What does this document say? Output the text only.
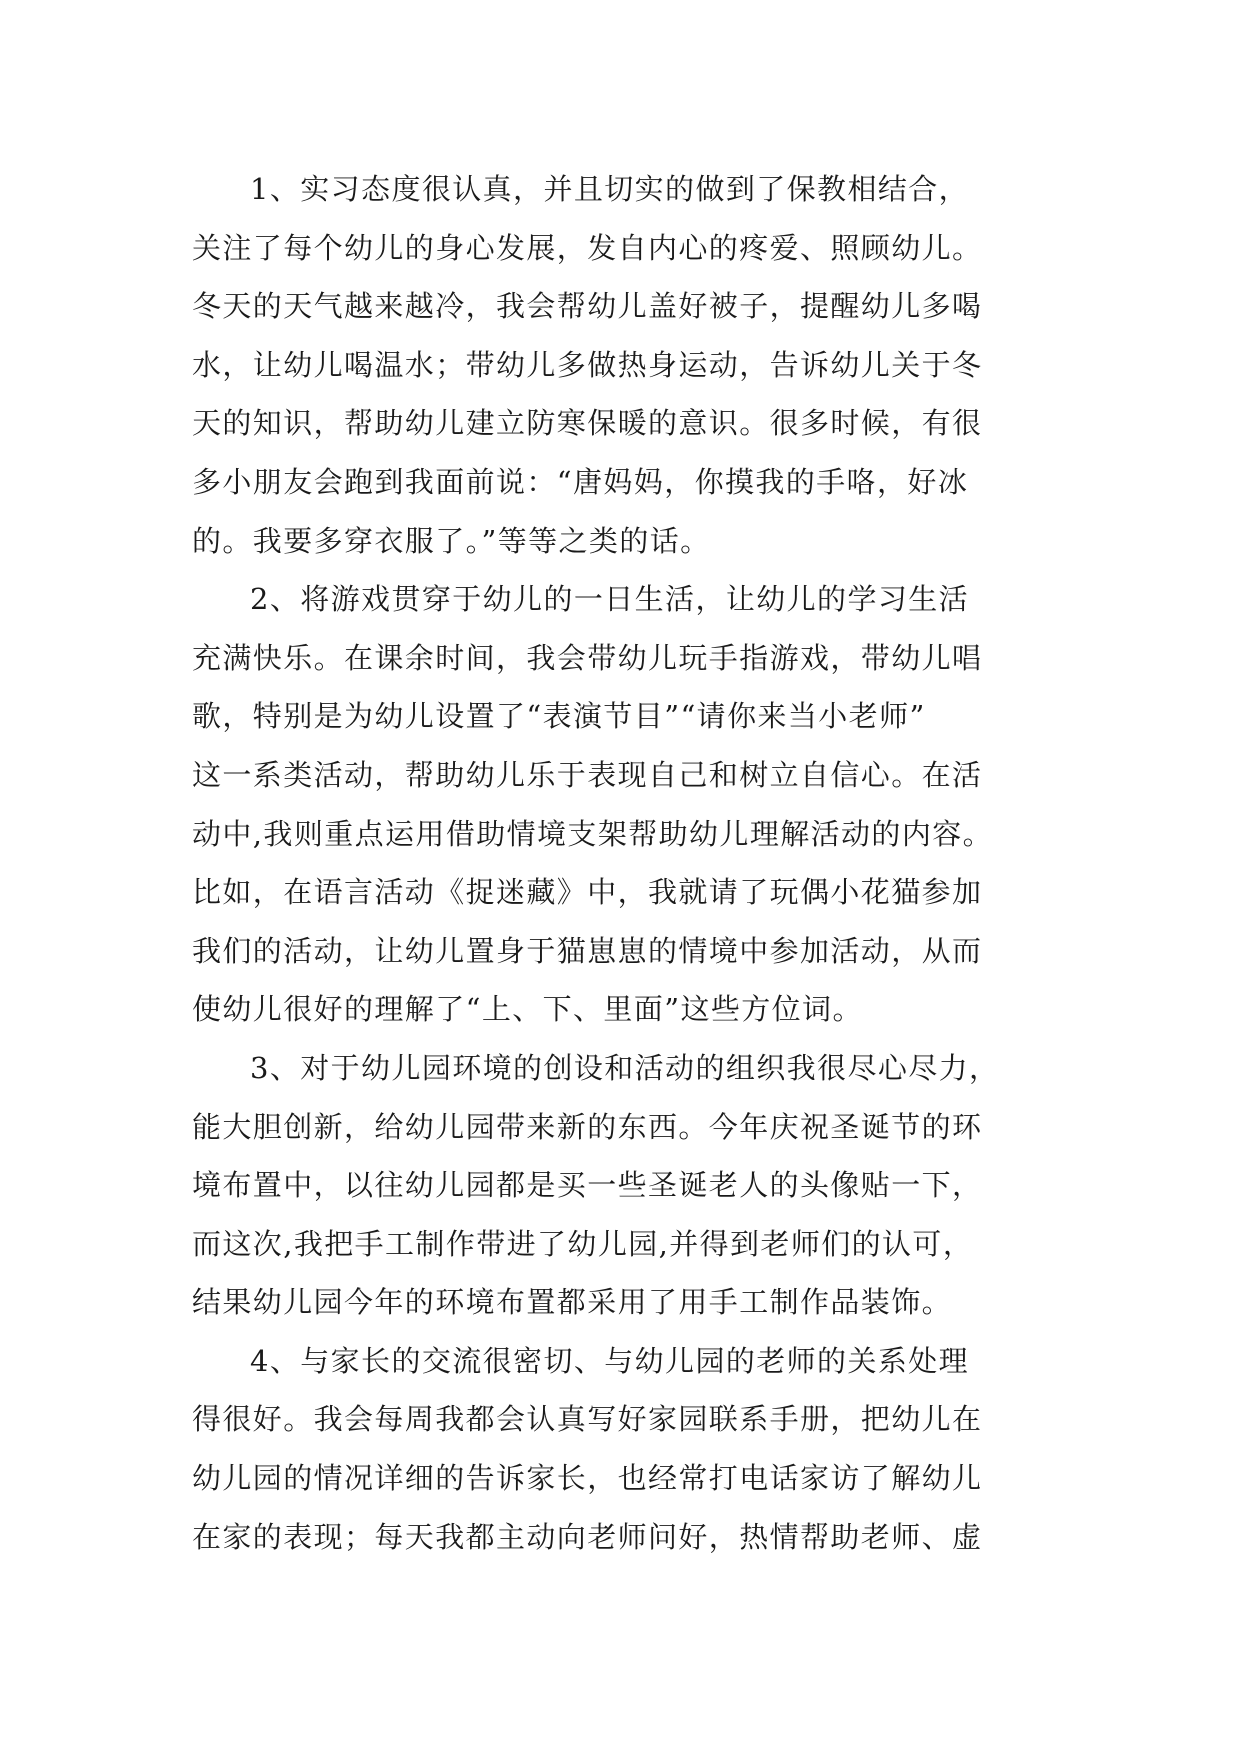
1、实习态度很认真，并且切实的做到了保教相结合，
关注了每个幼儿的身心发展，发自内心的疼爱、照顾幼儿。
冬天的天气越来越冷，我会帮幼儿盖好被子，提醒幼儿多喝
水，让幼儿喝温水；带幼儿多做热身运动，告诉幼儿关于冬
天的知识，帮助幼儿建立防寒保暖的意识。很多时候，有很
多小朋友会跑到我面前说：“唐妈妈，你摸我的手咯，好冰
的。我要多穿衣服了。”等等之类的话。
2、将游戏贯穿于幼儿的一日生活，让幼儿的学习生活
充满快乐。在课余时间，我会带幼儿玩手指游戏，带幼儿唱
歌，特别是为幼儿设置了“表演节目”“请你来当小老师”
这一系类活动，帮助幼儿乐于表现自己和树立自信心。在活
动中,我则重点运用借助情境支架帮助幼儿理解活动的内容。
比如，在语言活动《捉迷藏》中，我就请了玩偶小花猫参加
我们的活动，让幼儿置身于猫崽崽的情境中参加活动，从而
使幼儿很好的理解了“上、下、里面”这些方位词。
3、对于幼儿园环境的创设和活动的组织我很尽心尽力，
能大胆创新，给幼儿园带来新的东西。今年庆祝圣诞节的环
境布置中，以往幼儿园都是买一些圣诞老人的头像贴一下，
而这次,我把手工制作带进了幼儿园,并得到老师们的认可，
结果幼儿园今年的环境布置都采用了用手工制作品装饰。
4、与家长的交流很密切、与幼儿园的老师的关系处理
得很好。我会每周我都会认真写好家园联系手册，把幼儿在
幼儿园的情况详细的告诉家长，也经常打电话家访了解幼儿
在家的表现；每天我都主动向老师问好，热情帮助老师、虚
